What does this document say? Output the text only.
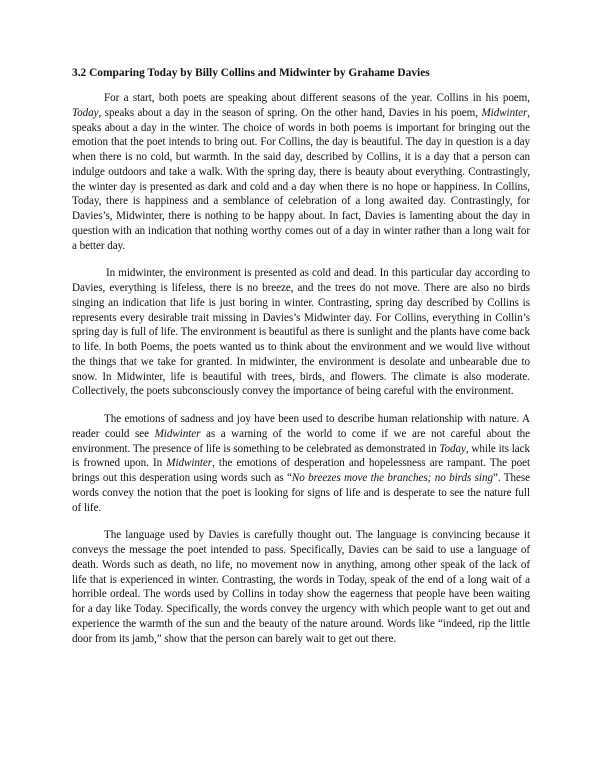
3.2 Comparing Today by Billy Collins and Midwinter by Grahame Davies

For a start, both poets are speaking about different seasons of the year. Collins in his poem, Today, speaks about a day in the season of spring. On the other hand, Davies in his poem, Midwinter, speaks about a day in the winter. The choice of words in both poems is important for bringing out the emotion that the poet intends to bring out. For Collins, the day is beautiful. The day in question is a day when there is no cold, but warmth. In the said day, described by Collins, it is a day that a person can indulge outdoors and take a walk. With the spring day, there is beauty about everything. Contrastingly, the winter day is presented as dark and cold and a day when there is no hope or happiness. In Collins, Today, there is happiness and a semblance of celebration of a long awaited day. Contrastingly, for Davies’s, Midwinter, there is nothing to be happy about. In fact, Davies is lamenting about the day in question with an indication that nothing worthy comes out of a day in winter rather than a long wait for a better day.

In midwinter, the environment is presented as cold and dead. In this particular day according to Davies, everything is lifeless, there is no breeze, and the trees do not move. There are also no birds singing an indication that life is just boring in winter. Contrasting, spring day described by Collins is represents every desirable trait missing in Davies’s Midwinter day. For Collins, everything in Collin’s spring day is full of life. The environment is beautiful as there is sunlight and the plants have come back to life. In both Poems, the poets wanted us to think about the environment and we would live without the things that we take for granted. In midwinter, the environment is desolate and unbearable due to snow. In Midwinter, life is beautiful with trees, birds, and flowers. The climate is also moderate. Collectively, the poets subconsciously convey the importance of being careful with the environment.

The emotions of sadness and joy have been used to describe human relationship with nature. A reader could see Midwinter as a warning of the world to come if we are not careful about the environment. The presence of life is something to be celebrated as demonstrated in Today, while its lack is frowned upon. In Midwinter, the emotions of desperation and hopelessness are rampant. The poet brings out this desperation using words such as “No breezes move the branches; no birds sing”. These words convey the notion that the poet is looking for signs of life and is desperate to see the nature full of life.

The language used by Davies is carefully thought out. The language is convincing because it conveys the message the poet intended to pass. Specifically, Davies can be said to use a language of death. Words such as death, no life, no movement now in anything, among other speak of the lack of life that is experienced in winter. Contrasting, the words in Today, speak of the end of a long wait of a horrible ordeal. The words used by Collins in today show the eagerness that people have been waiting for a day like Today. Specifically, the words convey the urgency with which people want to get out and experience the warmth of the sun and the beauty of the nature around. Words like “indeed, rip the little door from its jamb,” show that the person can barely wait to get out there.
